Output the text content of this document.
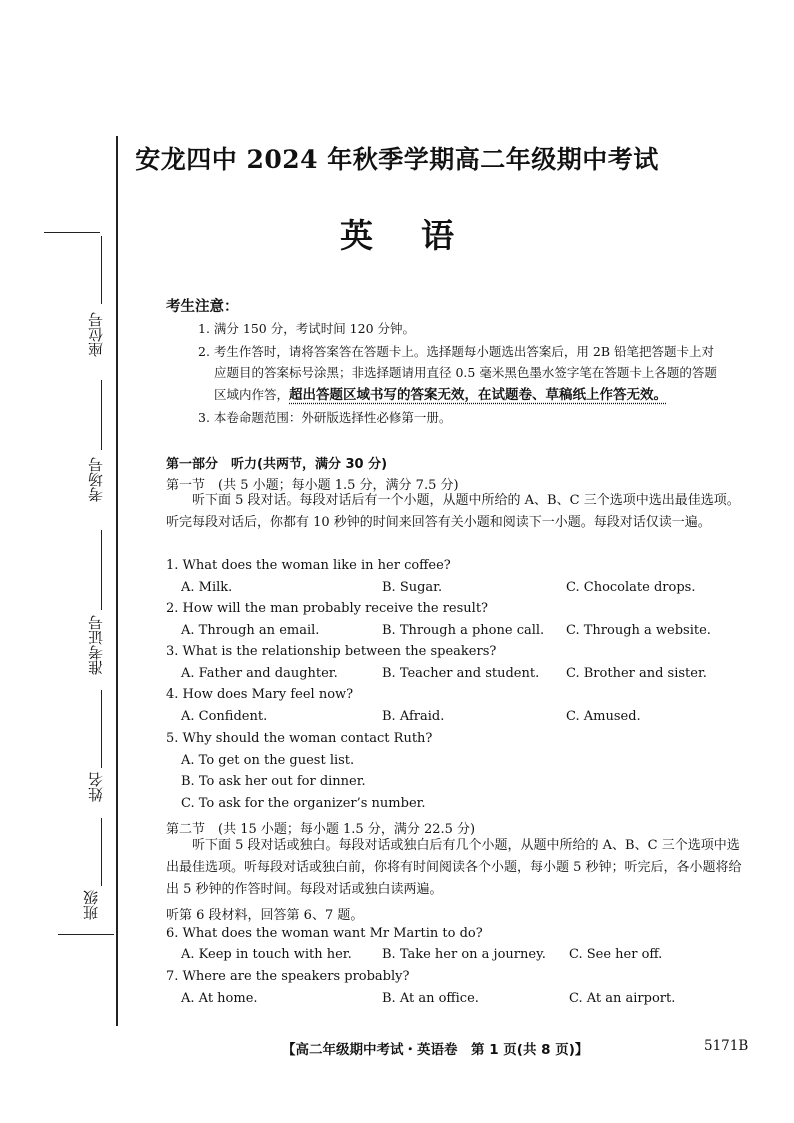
座位号
考场号
准考证号
姓名
班级
安龙四中 2024 年秋季学期高二年级期中考试
英语
考生注意：
1. 满分 150 分，考试时间 120 分钟。
2. 考生作答时，请将答案答在答题卡上。选择题每小题选出答案后，用 2B 铅笔把答题卡上对
应题目的答案标号涂黑；非选择题请用直径 0.5 毫米黑色墨水签字笔在答题卡上各题的答题
区域内作答，超出答题区域书写的答案无效，在试题卷、草稿纸上作答无效。
3. 本卷命题范围：外研版选择性必修第一册。
第一部分　听力(共两节，满分 30 分)
第一节　(共 5 小题；每小题 1.5 分，满分 7.5 分)
听下面 5 段对话。每段对话后有一个小题，从题中所给的 A、B、C 三个选项中选出最佳选项。听完每段对话后，你都有 10 秒钟的时间来回答有关小题和阅读下一小题。每段对话仅读一遍。
1. What does the woman like in her coffee?
A. Milk.	B. Sugar.	C. Chocolate drops.
2. How will the man probably receive the result?
A. Through an email.	B. Through a phone call. C. Through a website.
3. What is the relationship between the speakers?
A. Father and daughter.	B. Teacher and student. C. Brother and sister.
4. How does Mary feel now?
A. Confident.	B. Afraid.	C. Amused.
5. Why should the woman contact Ruth?
A. To get on the guest list.
B. To ask her out for dinner.
C. To ask for the organizer’s number.
第二节　(共 15 小题；每小题 1.5 分，满分 22.5 分)
听下面 5 段对话或独白。每段对话或独白后有几个小题，从题中所给的 A、B、C 三个选项中选出最佳选项。听每段对话或独白前，你将有时间阅读各个小题，每小题 5 秒钟；听完后，各小题将给出 5 秒钟的作答时间。每段对话或独白读两遍。
听第 6 段材料，回答第 6、7 题。
6. What does the woman want Mr Martin to do?
A. Keep in touch with her. B. Take her on a journey. C. See her off.
7. Where are the speakers probably?
A. At home.	B. At an office.	C. At an airport.
【高二年级期中考试・英语卷　第 1 页(共 8 页)】	5171B
